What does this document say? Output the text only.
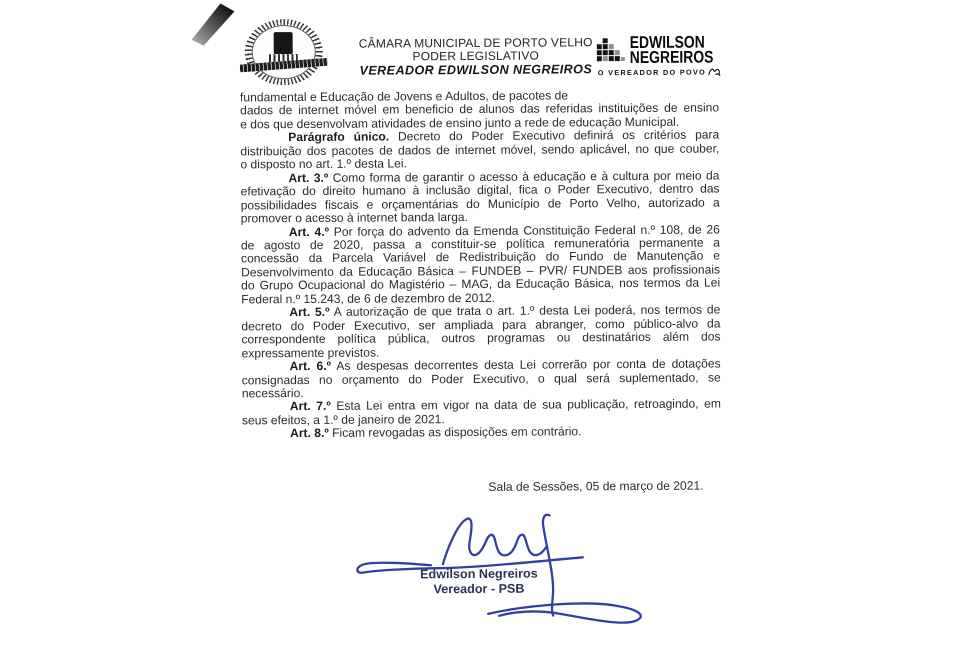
CÂMARA MUNICIPAL DE PORTO VELHO
PODER LEGISLATIVO
VEREADOR EDWILSON NEGREIROS
EDWILSON
NEGREIROS
O VEREADOR DO POVO
fundamental e Educação de Jovens e Adultos, de pacotes de
dados de internet móvel em beneficio de alunos das referidas instituições de ensino
e dos que desenvolvam atividades de ensino junto a rede de educação Municipal.
Parágrafo único. Decreto do Poder Executivo definirá os critérios para
distribuição dos pacotes de dados de internet móvel, sendo aplicável, no que couber,
o disposto no art. 1.º desta Lei.
Art. 3.º Como forma de garantir o acesso à educação e à cultura por meio da
efetivação do direito humano à inclusão digital, fica o Poder Executivo, dentro das
possibilidades fiscais e orçamentárias do Município de Porto Velho, autorizado a
promover o acesso à internet banda larga.
Art. 4.º Por força do advento da Emenda Constituição Federal n.º 108, de 26
de agosto de 2020, passa a constituir-se política remuneratória permanente a
concessão da Parcela Variável de Redistribuição do Fundo de Manutenção e
Desenvolvimento da Educação Básica – FUNDEB – PVR/ FUNDEB aos profissionais
do Grupo Ocupacional do Magistério – MAG, da Educação Básica, nos termos da Lei
Federal n.º 15.243, de 6 de dezembro de 2012.
Art. 5.º A autorização de que trata o art. 1.º desta Lei poderá, nos termos de
decreto do Poder Executivo, ser ampliada para abranger, como público-alvo da
correspondente política pública, outros programas ou destinatários além dos
expressamente previstos.
Art. 6.º As despesas decorrentes desta Lei correrão por conta de dotações
consignadas no orçamento do Poder Executivo, o qual será suplementado, se
necessário.
Art. 7.º Esta Lei entra em vigor na data de sua publicação, retroagindo, em
seus efeitos, a 1.º de janeiro de 2021.
Art. 8.º Ficam revogadas as disposições em contrário.
Sala de Sessões, 05 de março de 2021.
Edwilson Negreiros
Vereador - PSB
